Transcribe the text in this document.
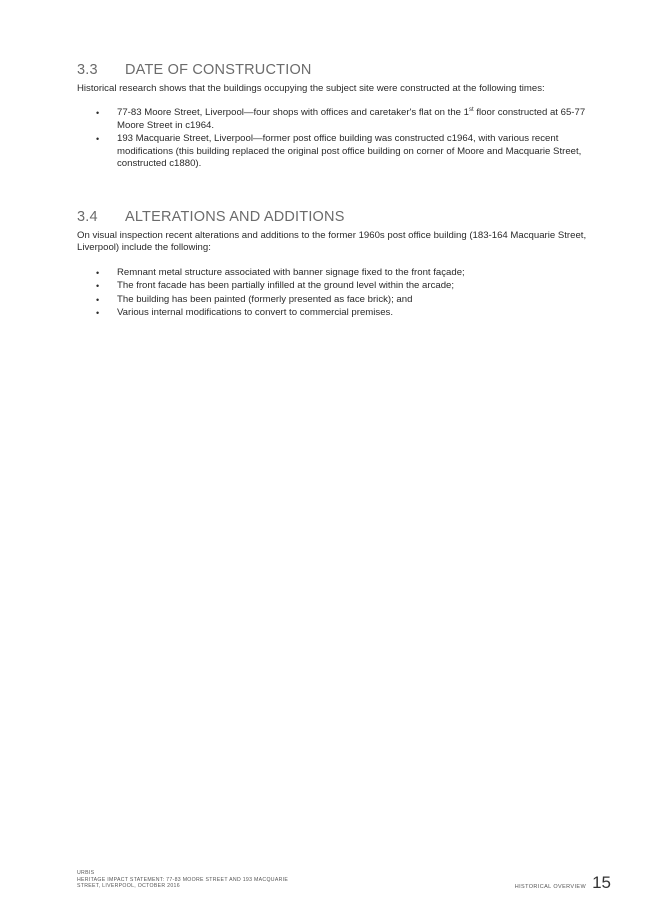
3.3	DATE OF CONSTRUCTION

Historical research shows that the buildings occupying the subject site were constructed at the following times:

• 77-83 Moore Street, Liverpool—four shops with offices and caretaker's flat on the 1st floor constructed at 65-77 Moore Street in c1964.
• 193 Macquarie Street, Liverpool—former post office building was constructed c1964, with various recent modifications (this building replaced the original post office building on corner of Moore and Macquarie Street, constructed c1880).
3.4	ALTERATIONS AND ADDITIONS

On visual inspection recent alterations and additions to the former 1960s post office building (183-164 Macquarie Street, Liverpool) include the following:

• Remnant metal structure associated with banner signage fixed to the front façade;
• The front facade has been partially infilled at the ground level within the arcade;
• The building has been painted (formerly presented as face brick); and
• Various internal modifications to convert to commercial premises.
URBIS
HERITAGE IMPACT STATEMENT: 77-83 MOORE STREET AND 193 MACQUARIE
STREET, LIVERPOOL, OCTOBER 2016	HISTORICAL OVERVIEW 15
